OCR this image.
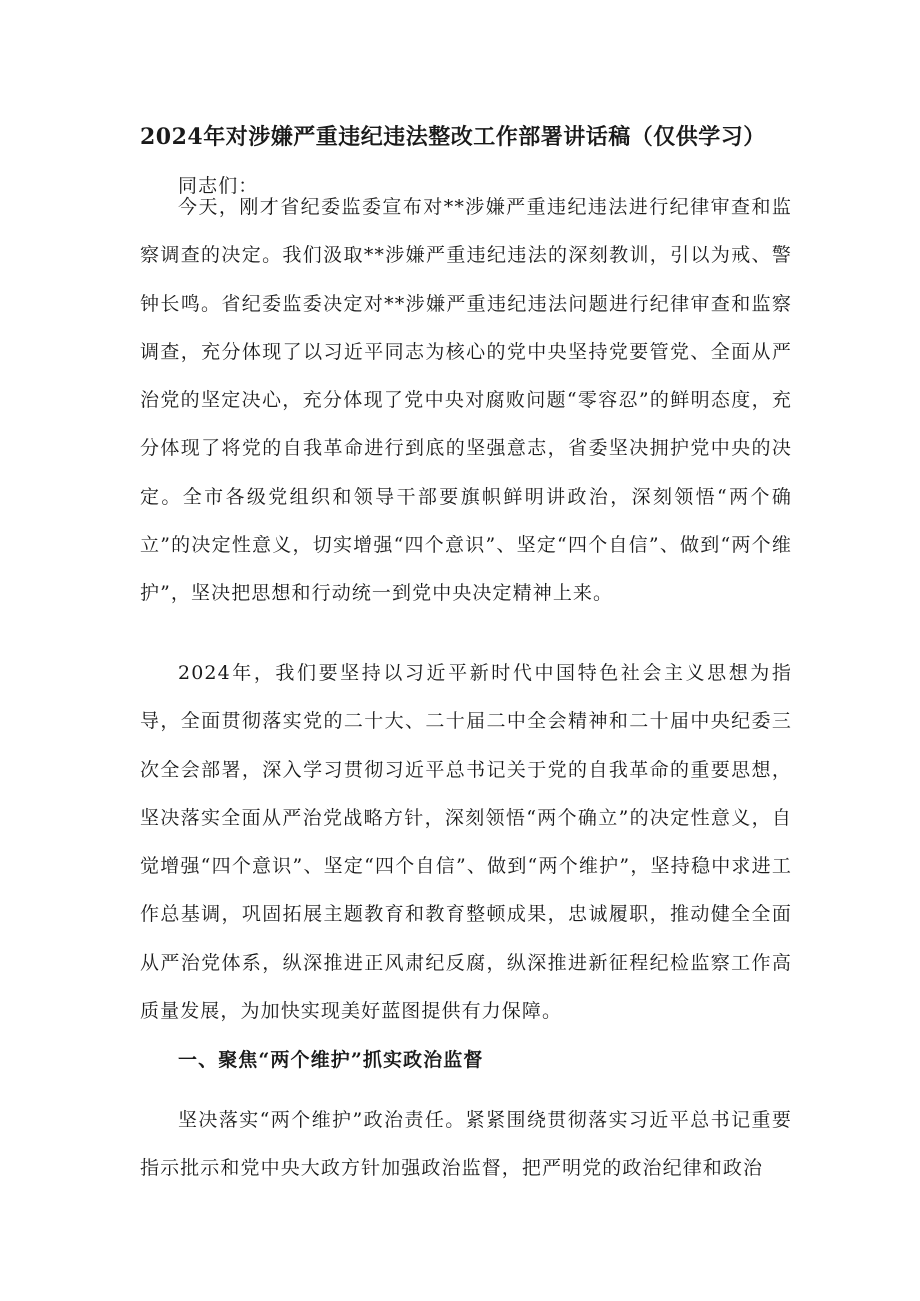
2024年对涉嫌严重违纪违法整改工作部署讲话稿（仅供学习）

同志们：

今天，刚才省纪委监委宣布对**涉嫌严重违纪违法进行纪律审查和监察调查的决定。我们汲取**涉嫌严重违纪违法的深刻教训，引以为戒、警钟长鸣。省纪委监委决定对**涉嫌严重违纪违法问题进行纪律审查和监察调查，充分体现了以习近平同志为核心的党中央坚持党要管党、全面从严治党的坚定决心，充分体现了党中央对腐败问题“零容忍”的鲜明态度，充分体现了将党的自我革命进行到底的坚强意志，省委坚决拥护党中央的决定。全市各级党组织和领导干部要旗帜鲜明讲政治，深刻领悟“两个确立”的决定性意义，切实增强“四个意识”、坚定“四个自信”、做到“两个维护”，坚决把思想和行动统一到党中央决定精神上来。

2024年，我们要坚持以习近平新时代中国特色社会主义思想为指导，全面贯彻落实党的二十大、二十届二中全会精神和二十届中央纪委三次全会部署，深入学习贯彻习近平总书记关于党的自我革命的重要思想，坚决落实全面从严治党战略方针，深刻领悟“两个确立”的决定性意义，自觉增强“四个意识”、坚定“四个自信”、做到“两个维护”，坚持稳中求进工作总基调，巩固拓展主题教育和教育整顿成果，忠诚履职，推动健全全面从严治党体系，纵深推进正风肃纪反腐，纵深推进新征程纪检监察工作高质量发展，为加快实现美好蓝图提供有力保障。

一、聚焦“两个维护”抓实政治监督

坚决落实“两个维护”政治责任。紧紧围绕贯彻落实习近平总书记重要指示批示和党中央大政方针加强政治监督，把严明党的政治纪律和政治
